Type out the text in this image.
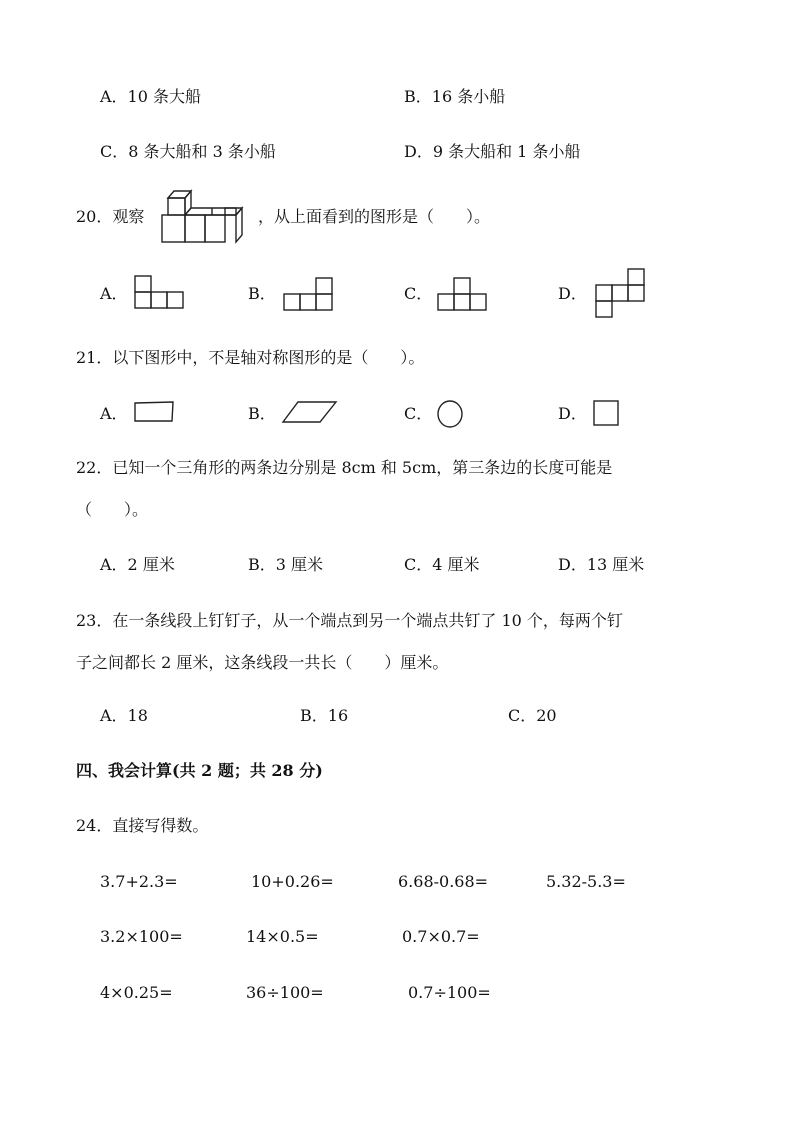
A．10 条大船	B．16 条小船
C．8 条大船和 3 条小船	D．9 条大船和 1 条小船
20．观察	，从上面看到的图形是（　　）。
A．	B．	C．	D．
21．以下图形中，不是轴对称图形的是（　　）。
A．	B．	C．	D．
22．已知一个三角形的两条边分别是 8cm 和 5cm，第三条边的长度可能是
（　　）。
A．2 厘米	B．3 厘米	C．4 厘米	D．13 厘米
23．在一条线段上钉钉子，从一个端点到另一个端点共钉了 10 个，每两个钉
子之间都长 2 厘米，这条线段一共长（　　）厘米。
A．18	B．16	C．20
四、我会计算(共 2 题；共 28 分)
24．直接写得数。
3.7+2.3=	10+0.26=	6.68-0.68=	5.32-5.3=
3.2×100=	14×0.5=	0.7×0.7=
4×0.25=	36÷100=	0.7÷100=
